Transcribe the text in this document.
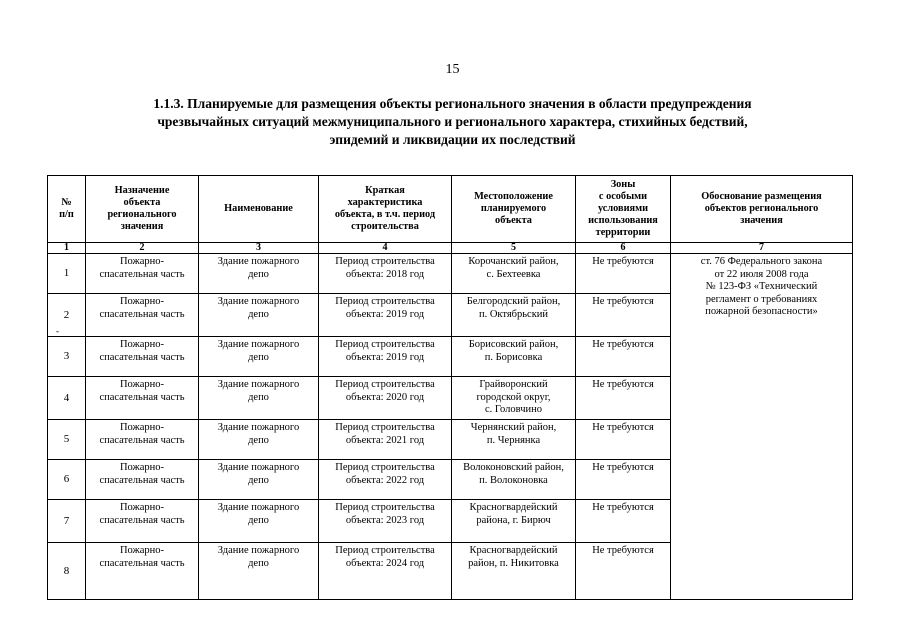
15
1.1.3. Планируемые для размещения объекты регионального значения в области предупреждения
чрезвычайных ситуаций межмуниципального и регионального характера, стихийных бедствий,
эпидемий и ликвидации их последствий
-
№
п/п	Назначение
объекта
регионального
значения	Наименование	Краткая
характеристика
объекта, в т.ч. период
строительства	Местоположение
планируемого
объекта	Зоны
с особыми
условиями
использования
территории	Обоснование размещения
объектов регионального
значения
1	2	3	4	5	6	7
1	Пожарно-
спасательная часть	Здание пожарного
депо	Период строительства
объекта: 2018 год	Корочанский район,
с. Бехтеевка	Не требуются	ст. 76 Федерального закона
от 22 июля 2008 года
№ 123-ФЗ «Технический
регламент о требованиях
пожарной безопасности»
2	Пожарно-
спасательная часть	Здание пожарного
депо	Период строительства
объекта: 2019 год	Белгородский район,
п. Октябрьский	Не требуются	
3	Пожарно-
спасательная часть	Здание пожарного
депо	Период строительства
объекта: 2019 год	Борисовский район,
п. Борисовка	Не требуются	
4	Пожарно-
спасательная часть	Здание пожарного
депо	Период строительства
объекта: 2020 год	Грайворонский
городской округ,
с. Головчино	Не требуются	
5	Пожарно-
спасательная часть	Здание пожарного
депо	Период строительства
объекта: 2021 год	Чернянский район,
п. Чернянка	Не требуются	
6	Пожарно-
спасательная часть	Здание пожарного
депо	Период строительства
объекта: 2022 год	Волоконовский район,
п. Волоконовка	Не требуются	
7	Пожарно-
спасательная часть	Здание пожарного
депо	Период строительства
объекта: 2023 год	Красногвардейский
района, г. Бирюч	Не требуются	
8	Пожарно-
спасательная часть	Здание пожарного
депо	Период строительства
объекта: 2024 год	Красногвардейский
район, п. Никитовка	Не требуются	
